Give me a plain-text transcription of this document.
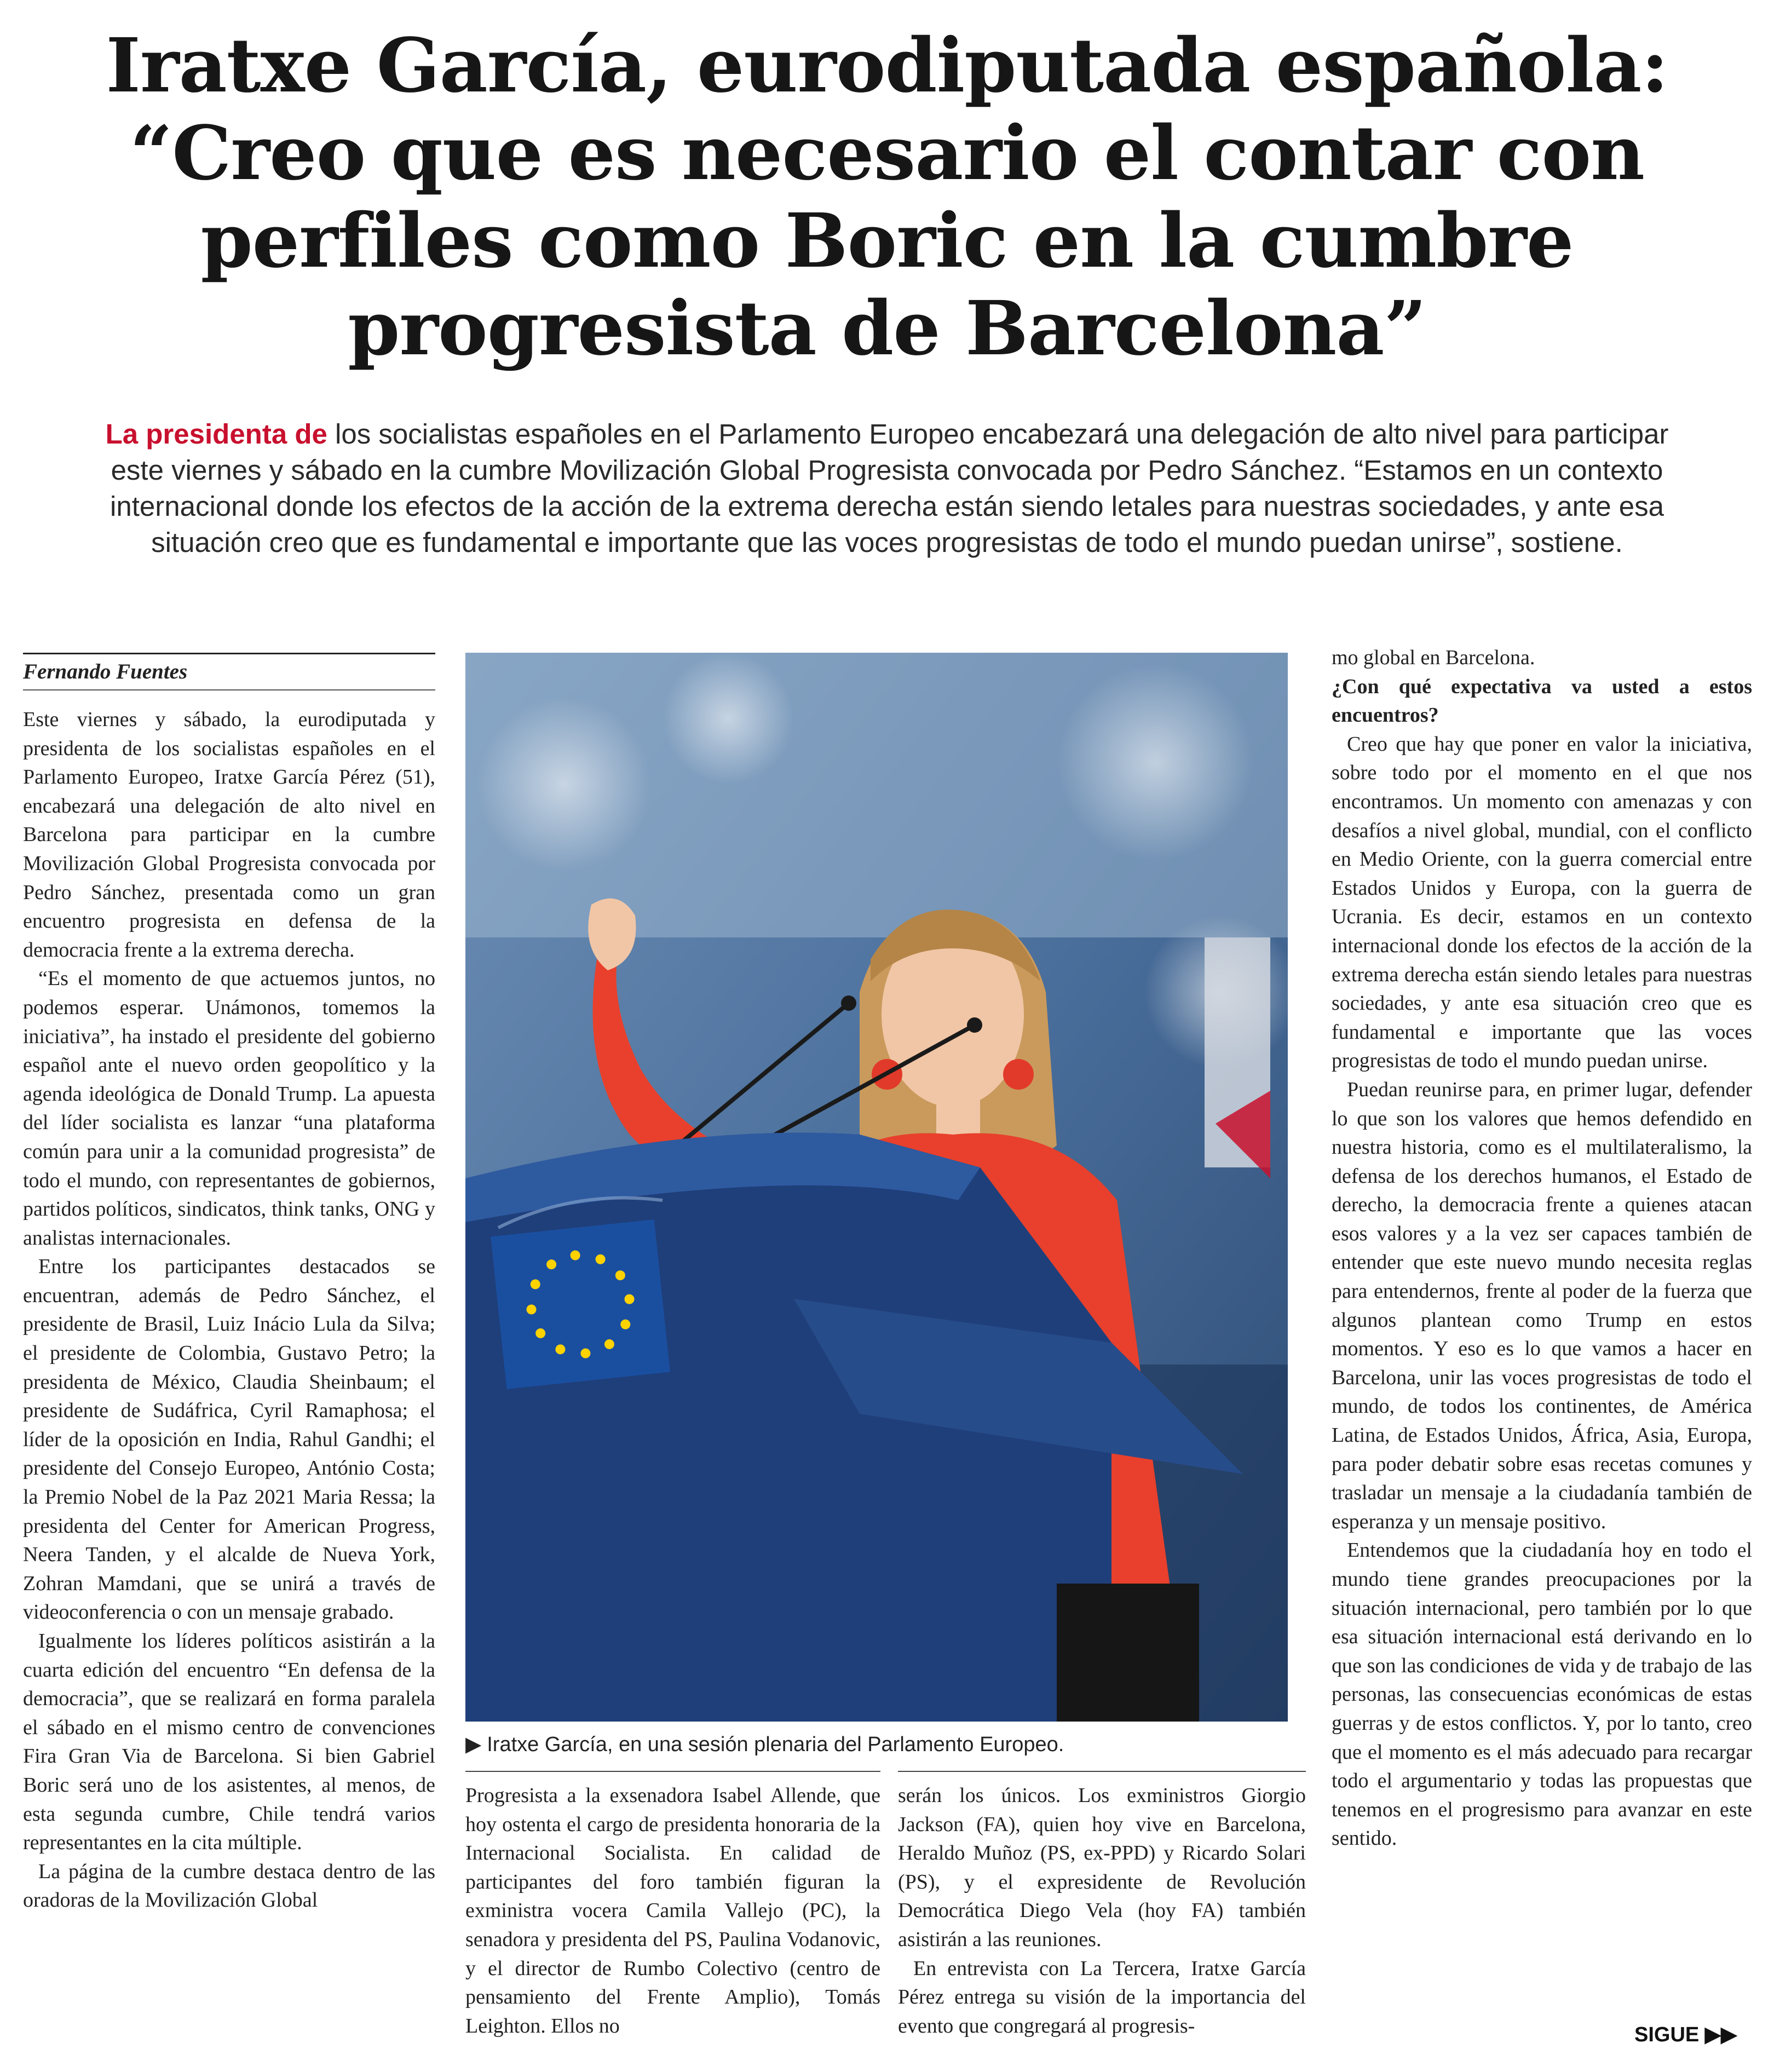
Iratxe García, eurodiputada española:
“Creo que es necesario el contar con
perfiles como Boric en la cumbre
progresista de Barcelona”
La presidenta de los socialistas españoles en el Parlamento Europeo encabezará una delegación de alto nivel para participar
este viernes y sábado en la cumbre Movilización Global Progresista convocada por Pedro Sánchez. “Estamos en un contexto
internacional donde los efectos de la acción de la extrema derecha están siendo letales para nuestras sociedades, y ante esa
situación creo que es fundamental e importante que las voces progresistas de todo el mundo puedan unirse”, sostiene.
Fernando Fuentes

Este viernes y sábado, la eurodiputada y presidenta de los socialistas españoles en el Parlamento Europeo, Iratxe García Pérez (51), encabezará una delegación de alto nivel en Barcelona para participar en la cumbre Movilización Global Progresista convocada por Pedro Sánchez, presentada como un gran encuentro progresista en defensa de la democracia frente a la extrema derecha.

“Es el momento de que actuemos juntos, no podemos esperar. Unámonos, tomemos la iniciativa”, ha instado el presidente del gobierno español ante el nuevo orden geopolítico y la agenda ideológica de Donald Trump. La apuesta del líder socialista es lanzar “una plataforma común para unir a la comunidad progresista” de todo el mundo, con representantes de gobiernos, partidos políticos, sindicatos, think tanks, ONG y analistas internacionales.

Entre los participantes destacados se encuentran, además de Pedro Sánchez, el presidente de Brasil, Luiz Inácio Lula da Silva; el presidente de Colombia, Gustavo Petro; la presidenta de México, Claudia Sheinbaum; el presidente de Sudáfrica, Cyril Ramaphosa; el líder de la oposición en India, Rahul Gandhi; el presidente del Consejo Europeo, António Costa; la Premio Nobel de la Paz 2021 Maria Ressa; la presidenta del Center for American Progress, Neera Tanden, y el alcalde de Nueva York, Zohran Mamdani, que se unirá a través de videoconferencia o con un mensaje grabado.

Igualmente los líderes políticos asistirán a la cuarta edición del encuentro “En defensa de la democracia”, que se realizará en forma paralela el sábado en el mismo centro de convenciones Fira Gran Via de Barcelona. Si bien Gabriel Boric será uno de los asistentes, al menos, de esta segunda cumbre, Chile tendrá varios representantes en la cita múltiple.

La página de la cumbre destaca dentro de las oradoras de la Movilización Global

▶ Iratxe García, en una sesión plenaria del Parlamento Europeo.

Progresista a la exsenadora Isabel Allende, que hoy ostenta el cargo de presidenta honoraria de la Internacional Socialista. En calidad de participantes del foro también figuran la exministra vocera Camila Vallejo (PC), la senadora y presidenta del PS, Paulina Vodanovic, y el director de Rumbo Colectivo (centro de pensamiento del Frente Amplio), Tomás Leighton. Ellos no

serán los únicos. Los exministros Giorgio Jackson (FA), quien hoy vive en Barcelona, Heraldo Muñoz (PS, ex-PPD) y Ricardo Solari (PS), y el expresidente de Revolución Democrática Diego Vela (hoy FA) también asistirán a las reuniones.

En entrevista con La Tercera, Iratxe García Pérez entrega su visión de la importancia del evento que congregará al progresis-

mo global en Barcelona.

¿Con qué expectativa va usted a estos encuentros?

Creo que hay que poner en valor la iniciativa, sobre todo por el momento en el que nos encontramos. Un momento con amenazas y con desafíos a nivel global, mundial, con el conflicto en Medio Oriente, con la guerra comercial entre Estados Unidos y Europa, con la guerra de Ucrania. Es decir, estamos en un contexto internacional donde los efectos de la acción de la extrema derecha están siendo letales para nuestras sociedades, y ante esa situación creo que es fundamental e importante que las voces progresistas de todo el mundo puedan unirse.

Puedan reunirse para, en primer lugar, defender lo que son los valores que hemos defendido en nuestra historia, como es el multilateralismo, la defensa de los derechos humanos, el Estado de derecho, la democracia frente a quienes atacan esos valores y a la vez ser capaces también de entender que este nuevo mundo necesita reglas para entendernos, frente al poder de la fuerza que algunos plantean como Trump en estos momentos. Y eso es lo que vamos a hacer en Barcelona, unir las voces progresistas de todo el mundo, de todos los continentes, de América Latina, de Estados Unidos, África, Asia, Europa, para poder debatir sobre esas recetas comunes y trasladar un mensaje a la ciudadanía también de esperanza y un mensaje positivo.

Entendemos que la ciudadanía hoy en todo el mundo tiene grandes preocupaciones por la situación internacional, pero también por lo que esa situación internacional está derivando en lo que son las condiciones de vida y de trabajo de las personas, las consecuencias económicas de estas guerras y de estos conflictos. Y, por lo tanto, creo que el momento es el más adecuado para recargar todo el argumentario y todas las propuestas que tenemos en el progresismo para avanzar en este sentido.

SIGUE ▶▶
